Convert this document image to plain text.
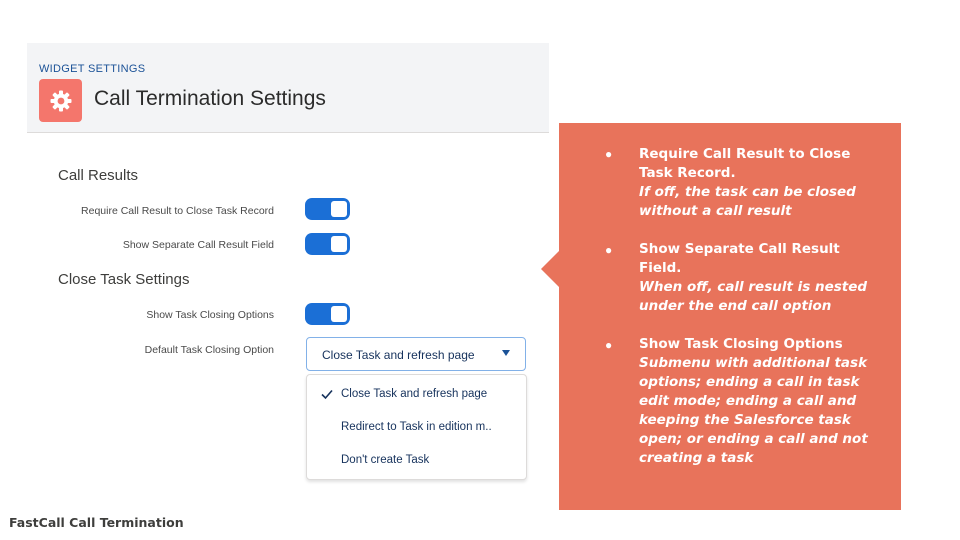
WIDGET SETTINGS
Call Termination Settings
Call Results
Require Call Result to Close Task Record
Show Separate Call Result Field
Close Task Settings
Show Task Closing Options
Default Task Closing Option	Close Task and refresh page
Close Task and refresh page
Redirect to Task in edition m..
Don't create Task
● Require Call Result to Close Task Record.
If off, the task can be closed without a call result
● Show Separate Call Result Field.
When off, call result is nested under the end call option
● Show Task Closing Options
Submenu with additional task options; ending a call in task edit mode; ending a call and keeping the Salesforce task open; or ending a call and not creating a task
FastCall Call Termination
